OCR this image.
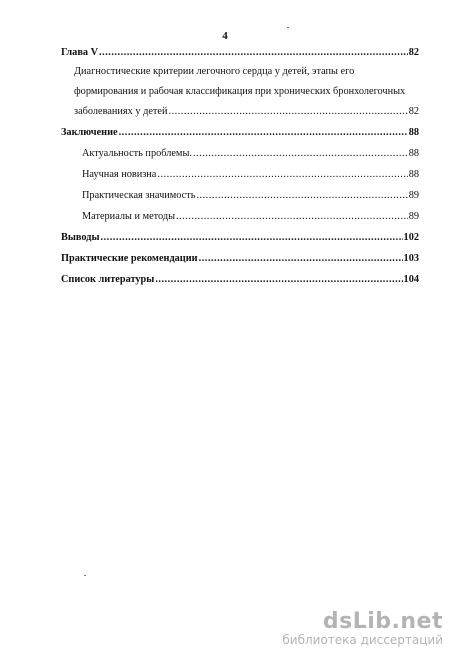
4
Глава V .....	82
Диагностические критерии легочного сердца у детей, этапы его
формирования и рабочая классификация при хронических бронхолегочных
заболеваниях у детей .....	82
Заключение .....	88
Актуальность проблемы. .....	88
Научная новизна .....	88
Практическая значимость .....	89
Материалы и методы .....	89
Выводы .....	102
Практические рекомендации .....	103
Список литературы .....	104
dsLib.net
библиотека диссертаций
